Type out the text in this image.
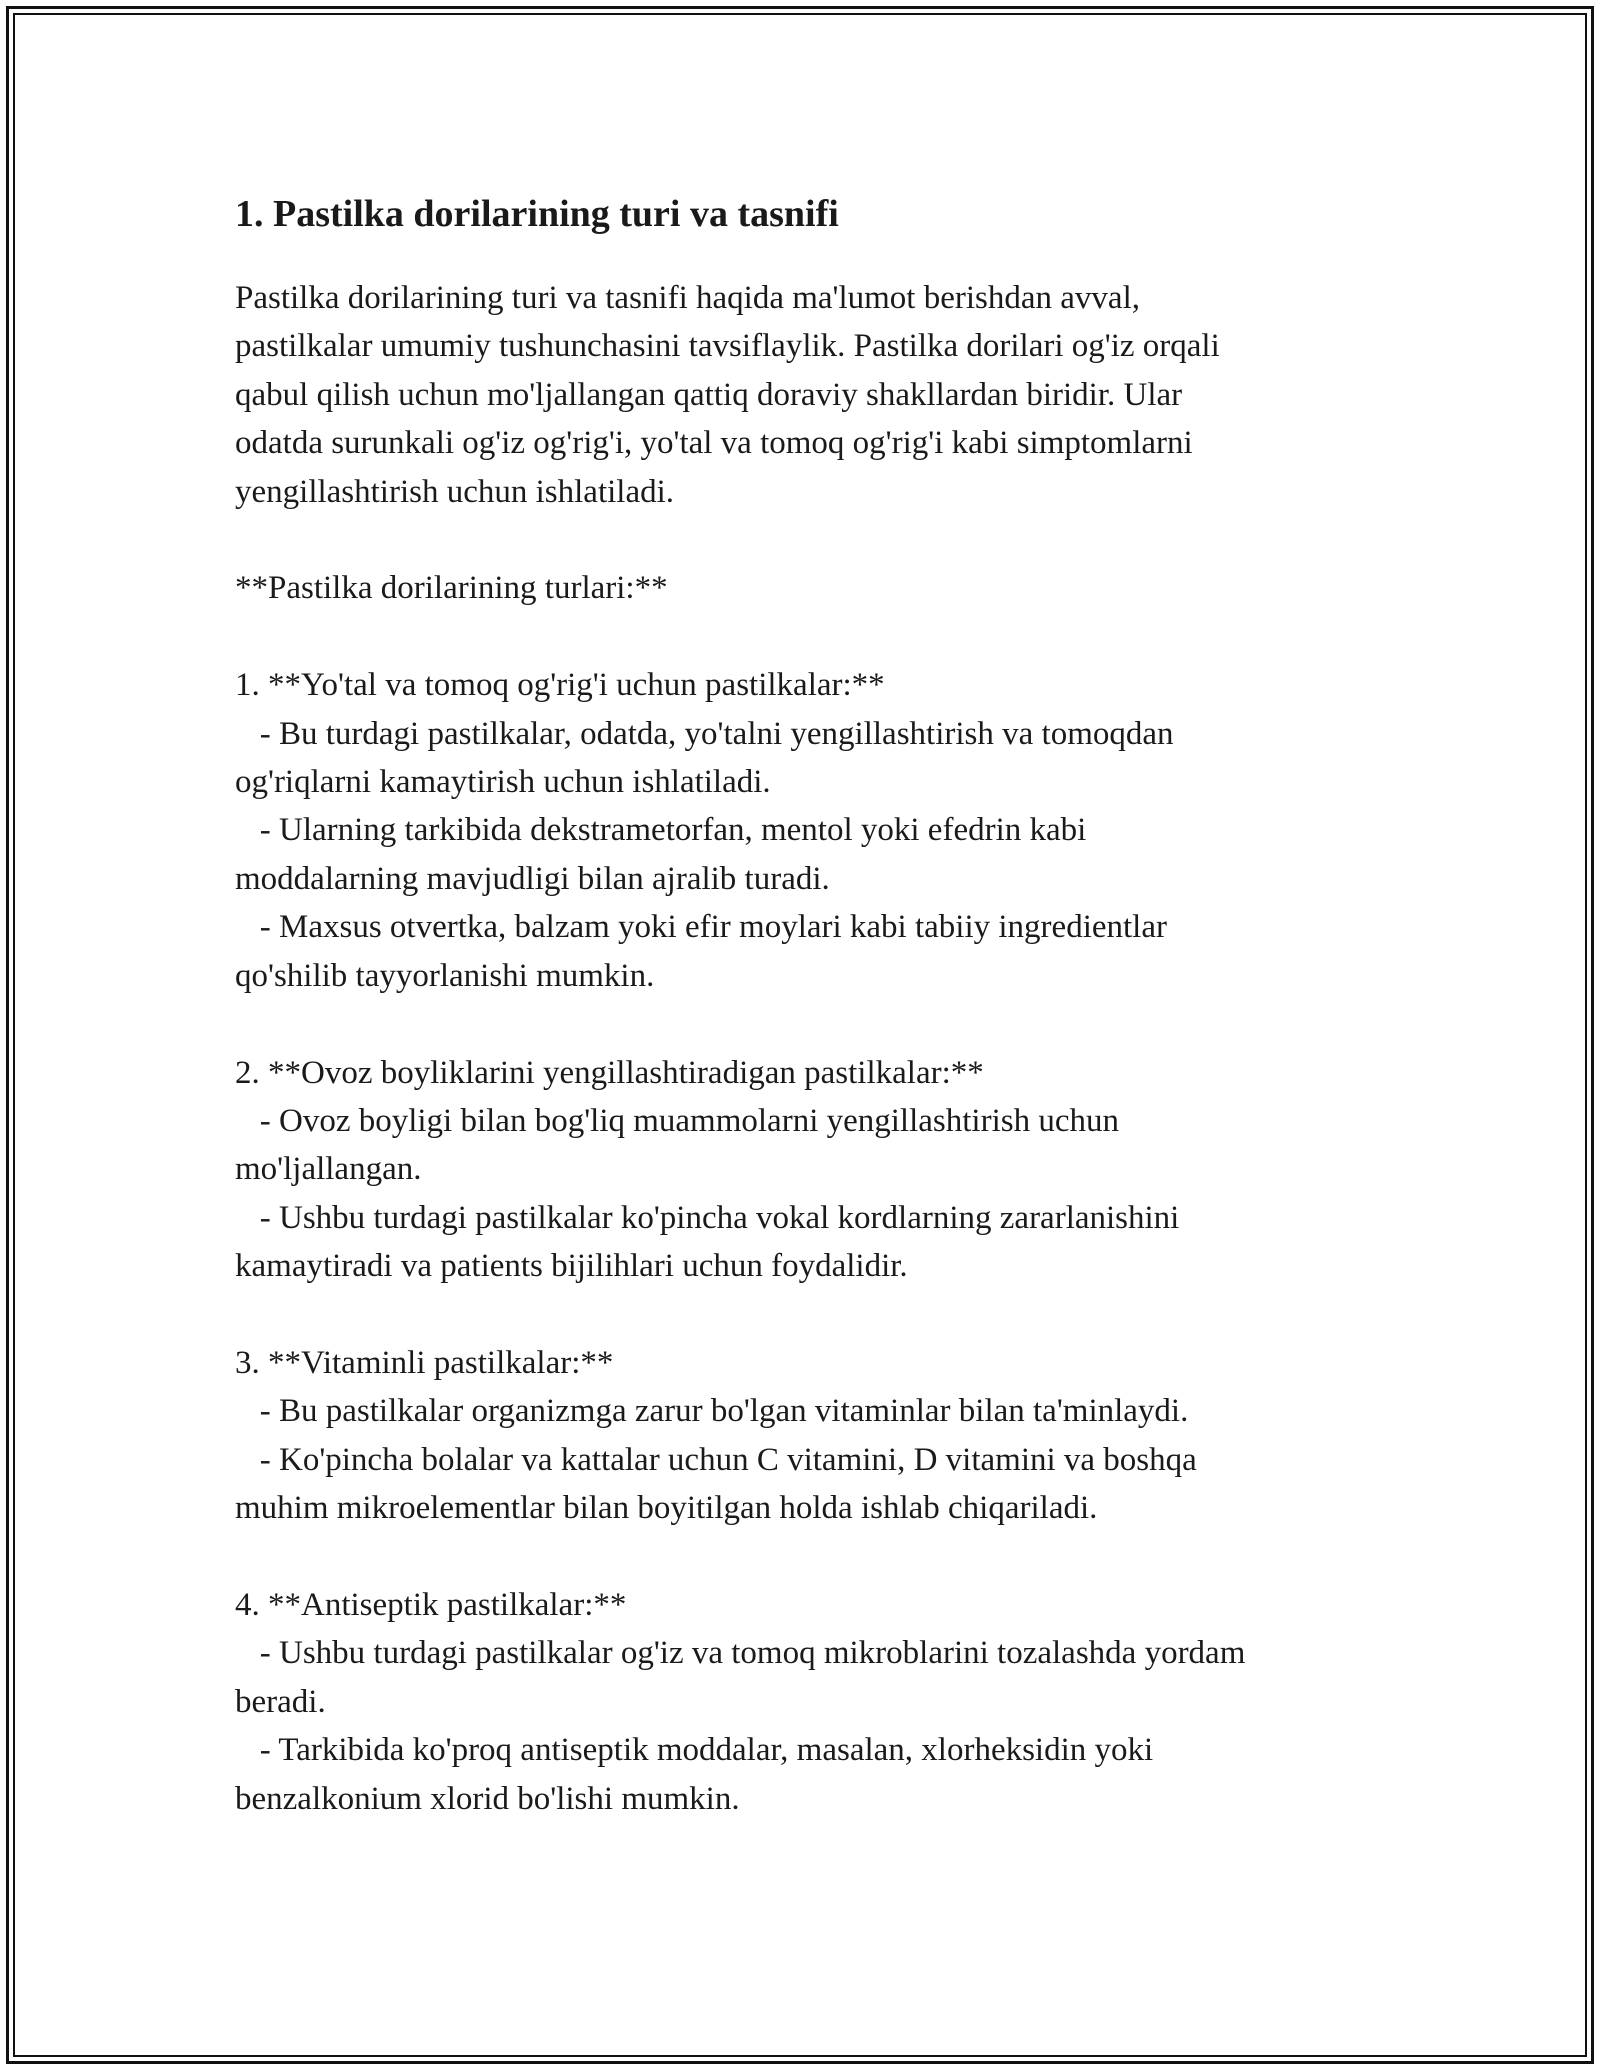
1. Pastilka dorilarining turi va tasnifi

Pastilka dorilarining turi va tasnifi haqida ma'lumot berishdan avval,
pastilkalar umumiy tushunchasini tavsiflaylik. Pastilka dorilari og'iz orqali
qabul qilish uchun mo'ljallangan qattiq doraviy shakllardan biridir. Ular
odatda surunkali og'iz og'rig'i, yo'tal va tomoq og'rig'i kabi simptomlarni
yengillashtirish uchun ishlatiladi.

**Pastilka dorilarining turlari:**

1. **Yo'tal va tomoq og'rig'i uchun pastilkalar:**
- Bu turdagi pastilkalar, odatda, yo'talni yengillashtirish va tomoqdan
og'riqlarni kamaytirish uchun ishlatiladi.
- Ularning tarkibida dekstrametorfan, mentol yoki efedrin kabi
moddalarning mavjudligi bilan ajralib turadi.
- Maxsus otvertka, balzam yoki efir moylari kabi tabiiy ingredientlar
qo'shilib tayyorlanishi mumkin.

2. **Ovoz boyliklarini yengillashtiradigan pastilkalar:**
- Ovoz boyligi bilan bog'liq muammolarni yengillashtirish uchun
mo'ljallangan.
- Ushbu turdagi pastilkalar ko'pincha vokal kordlarning zararlanishini
kamaytiradi va patients bijilihlari uchun foydalidir.

3. **Vitaminli pastilkalar:**
- Bu pastilkalar organizmga zarur bo'lgan vitaminlar bilan ta'minlaydi.
- Ko'pincha bolalar va kattalar uchun C vitamini, D vitamini va boshqa
muhim mikroelementlar bilan boyitilgan holda ishlab chiqariladi.

4. **Antiseptik pastilkalar:**
- Ushbu turdagi pastilkalar og'iz va tomoq mikroblarini tozalashda yordam
beradi.
- Tarkibida ko'proq antiseptik moddalar, masalan, xlorheksidin yoki
benzalkonium xlorid bo'lishi mumkin.
